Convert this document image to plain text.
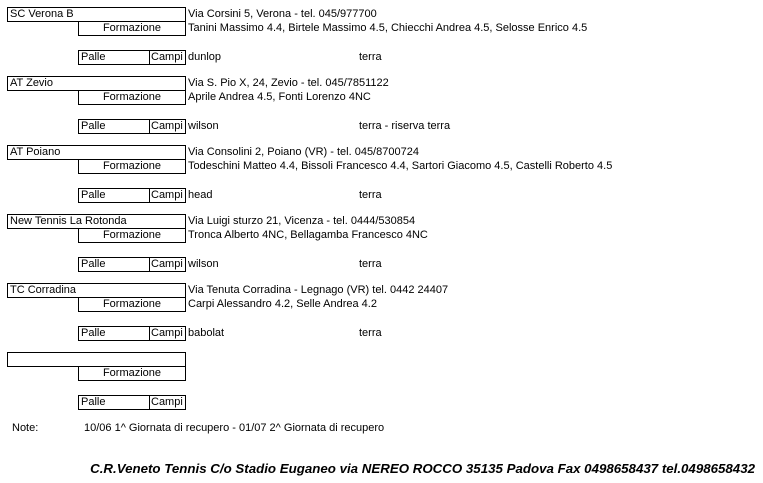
SC Verona B	Via Corsini 5, Verona - tel. 045/977700
Formazione	Tanini Massimo 4.4, Birtele Massimo 4.5, Chiecchi Andrea 4.5, Selosse Enrico 4.5
Palle	Campi dunlop	terra
AT Zevio	Via S. Pio X, 24, Zevio - tel. 045/7851122
Formazione	Aprile Andrea 4.5, Fonti Lorenzo 4NC
Palle	Campi wilson	terra - riserva terra
AT Poiano	Via Consolini 2, Poiano (VR) - tel. 045/8700724
Formazione	Todeschini Matteo 4.4, Bissoli Francesco 4.4, Sartori Giacomo 4.5, Castelli Roberto 4.5
Palle	Campi head	terra
New Tennis La Rotonda	Via Luigi sturzo 21, Vicenza - tel. 0444/530854
Formazione	Tronca Alberto 4NC, Bellagamba Francesco 4NC
Palle	Campi wilson	terra
TC Corradina	Via Tenuta Corradina - Legnago (VR) tel. 0442 24407
Formazione	Carpi Alessandro 4.2, Selle Andrea 4.2
Palle	Campi babolat	terra
Formazione
Palle	Campi
Note:	10/06 1^ Giornata di recupero - 01/07 2^ Giornata di recupero
C.R.Veneto Tennis C/o Stadio Euganeo via NEREO ROCCO 35135 Padova Fax 0498658437 tel.0498658432
